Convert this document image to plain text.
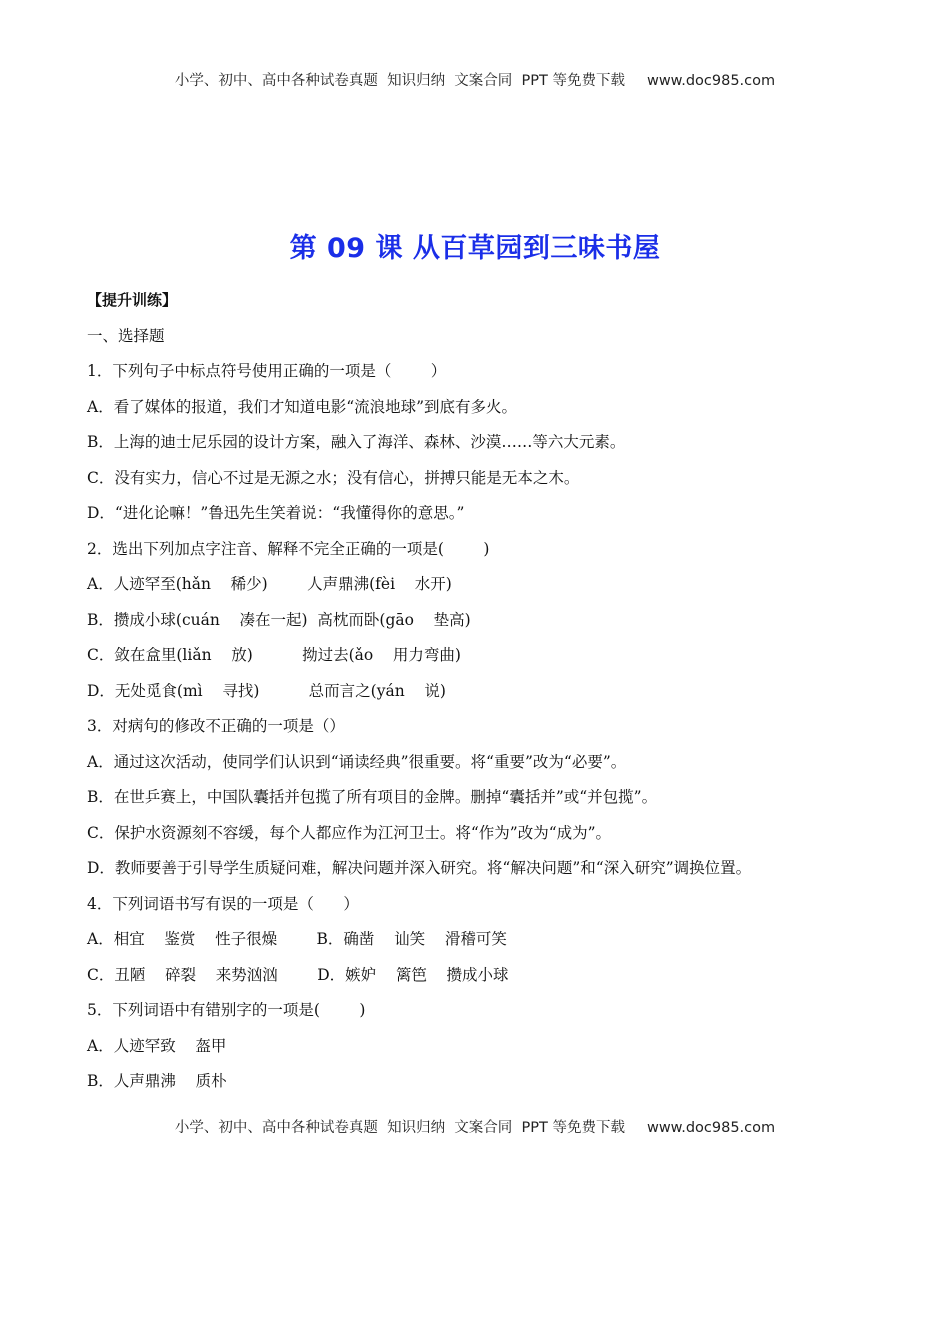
小学、初中、高中各种试卷真题  知识归纳  文案合同  PPT 等免费下载 www.doc985.com
第 09 课 从百草园到三味书屋
【提升训练】
一、选择题
1．下列句子中标点符号使用正确的一项是（        ）
A．看了媒体的报道，我们才知道电影“流浪地球”到底有多火。
B．上海的迪士尼乐园的设计方案，融入了海洋、森林、沙漠……等六大元素。
C．没有实力，信心不过是无源之水；没有信心，拼搏只能是无本之木。
D．“进化论嘛！”鲁迅先生笑着说：“我懂得你的意思。”
2．选出下列加点字注音、解释不完全正确的一项是(        )
A．人迹罕至(hǎn    稀少)        人声鼎沸(fèi    水开)
B．攒成小球(cuán    凑在一起)  高枕而卧(gāo    垫高)
C．敛在盒里(liǎn    放)          拗过去(ǎo    用力弯曲)
D．无处觅食(mì    寻找)          总而言之(yán    说)
3．对病句的修改不正确的一项是（）
A．通过这次活动，使同学们认识到“诵读经典”很重要。将“重要”改为“必要”。
B．在世乒赛上，中国队囊括并包揽了所有项目的金牌。删掉“囊括并”或“并包揽”。
C．保护水资源刻不容缓，每个人都应作为江河卫士。将“作为”改为“成为”。
D．教师要善于引导学生质疑问难，解决问题并深入研究。将“解决问题”和“深入研究”调换位置。
4．下列词语书写有误的一项是（      ）
A．相宜    鉴赏    性子很燥        B．确凿    讪笑    滑稽可笑
C．丑陋    碎裂    来势汹汹        D．嫉妒    篱笆    攒成小球
5．下列词语中有错别字的一项是(        )
A．人迹罕致    盔甲
B．人声鼎沸    质朴
小学、初中、高中各种试卷真题  知识归纳  文案合同  PPT 等免费下载 www.doc985.com
